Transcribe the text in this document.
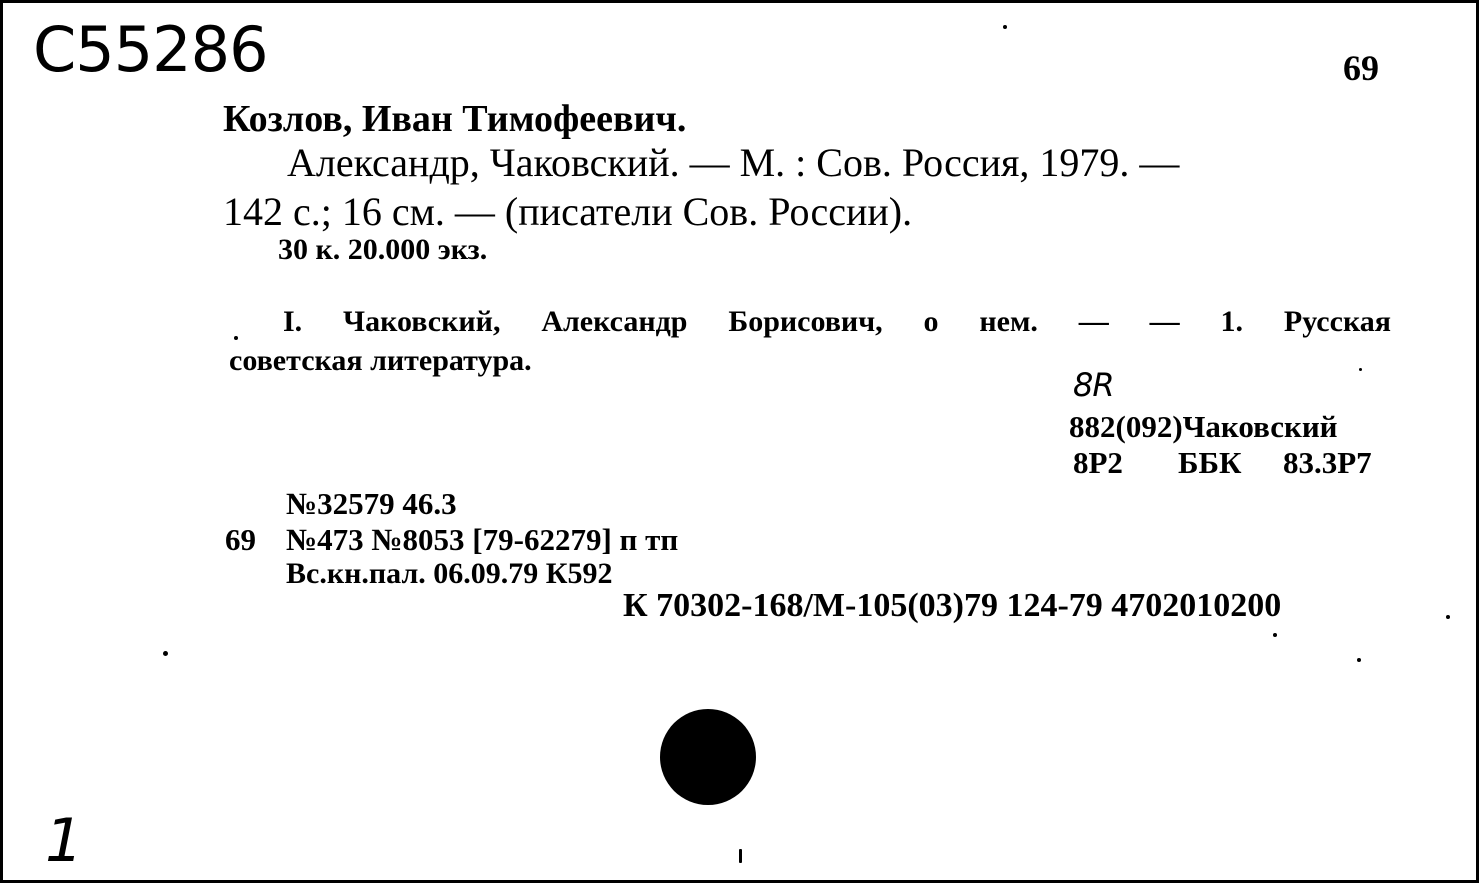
С55286	69
Козлов, Иван Тимофеевич.
Александр, Чаковский. — М. : Сов. Россия, 1979. —
142 с.; 16 см. — (писатели Сов. России).
30 к. 20.000 экз.
I. Чаковский, Александр Борисович, о нем. — — 1. Русская
советская литература.
8R
882(092)Чаковский
8Р2 ББК 83.3Р7
№32579 46.3
69 №473 №8053 [79-62279] п тп
Вс.кн.пал. 06.09.79 К592
К 70302-168/М-105(03)79 124-79 4702010200
1
